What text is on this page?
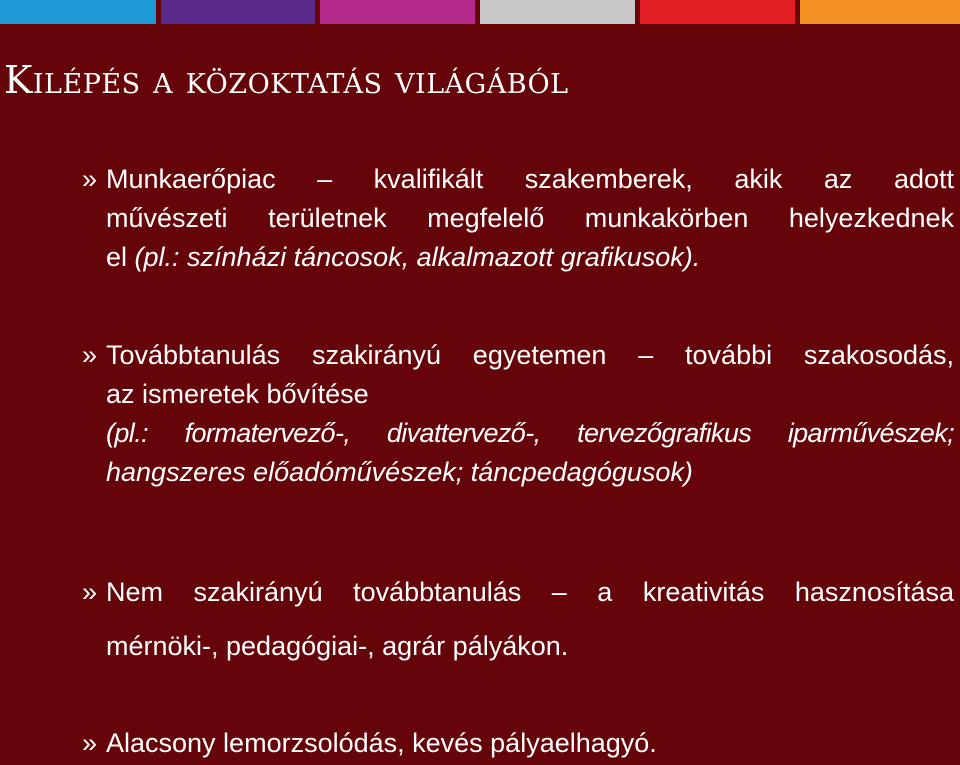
Kilépés a közoktatás világából
» Munkaerőpiac – kvalifikált szakemberek, akik az adott
művészeti területnek megfelelő munkakörben helyezkednek
el (pl.: színházi táncosok, alkalmazott grafikusok).
» Továbbtanulás szakirányú egyetemen – további szakosodás,
az ismeretek bővítése
(pl.: formatervező-, divattervező-, tervezőgrafikus iparművészek;
hangszeres előadóművészek; táncpedagógusok)
» Nem szakirányú továbbtanulás – a kreativitás hasznosítása
mérnöki-, pedagógiai-, agrár pályákon.
» Alacsony lemorzsolódás, kevés pályaelhagyó.
